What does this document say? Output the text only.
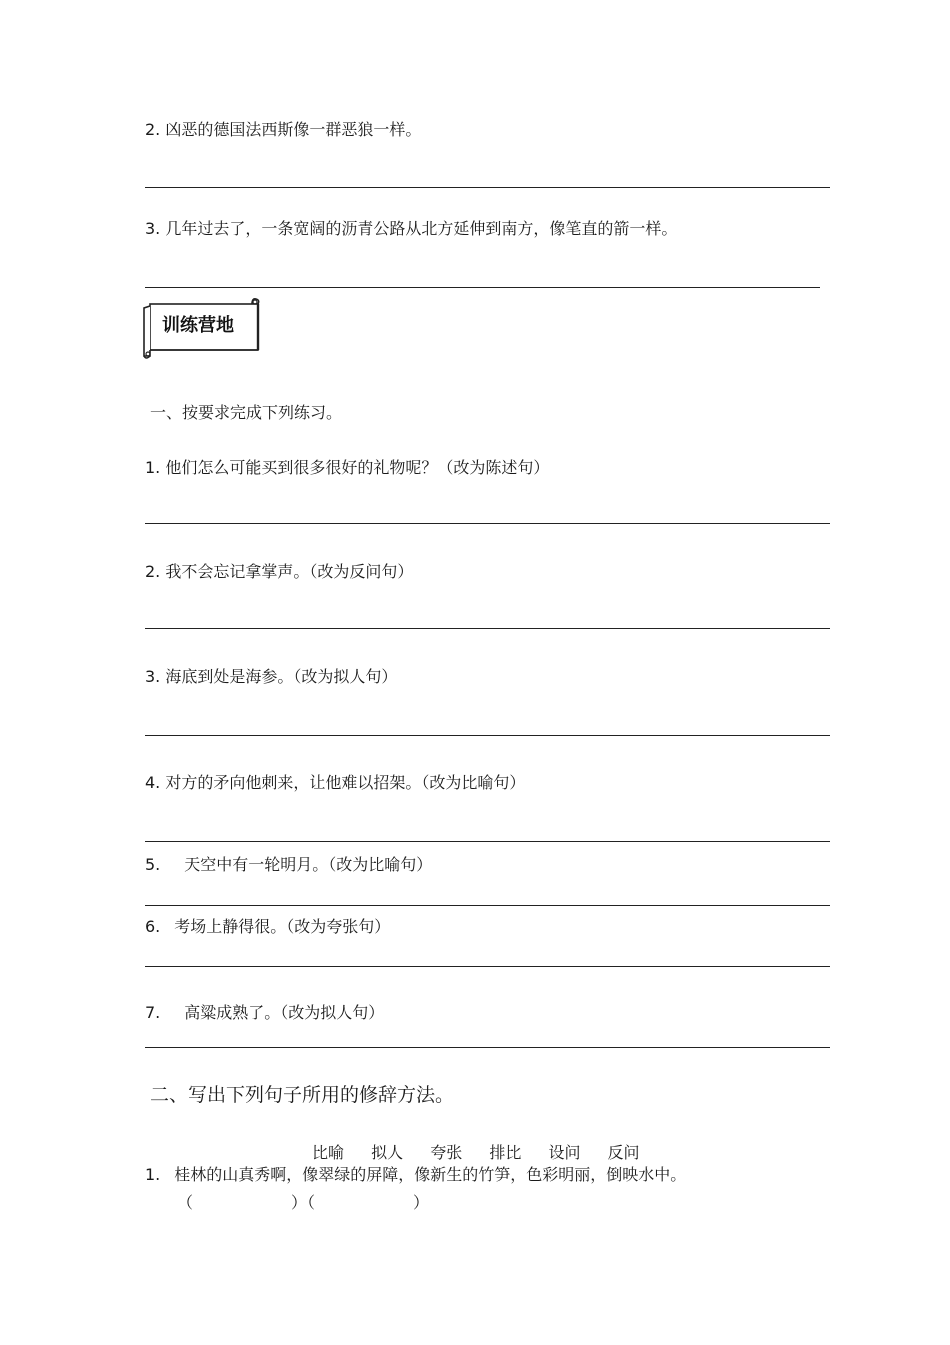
2. 凶恶的德国法西斯像一群恶狼一样。
3. 几年过去了，一条宽阔的沥青公路从北方延伸到南方，像笔直的箭一样。
训练营地
一、按要求完成下列练习。
1. 他们怎么可能买到很多很好的礼物呢？（改为陈述句）
2. 我不会忘记拿掌声。（改为反问句）
3. 海底到处是海参。（改为拟人句）
4. 对方的矛向他刺来，让他难以招架。（改为比喻句）
5. 天空中有一轮明月。（改为比喻句）
6. 考场上静得很。（改为夸张句）
7. 高粱成熟了。（改为拟人句）
二、写出下列句子所用的修辞方法。
比喻 拟人 夸张 排比 设问 反问
1. 桂林的山真秀啊，像翠绿的屏障，像新生的竹笋，色彩明丽，倒映水中。
（	）（	）
